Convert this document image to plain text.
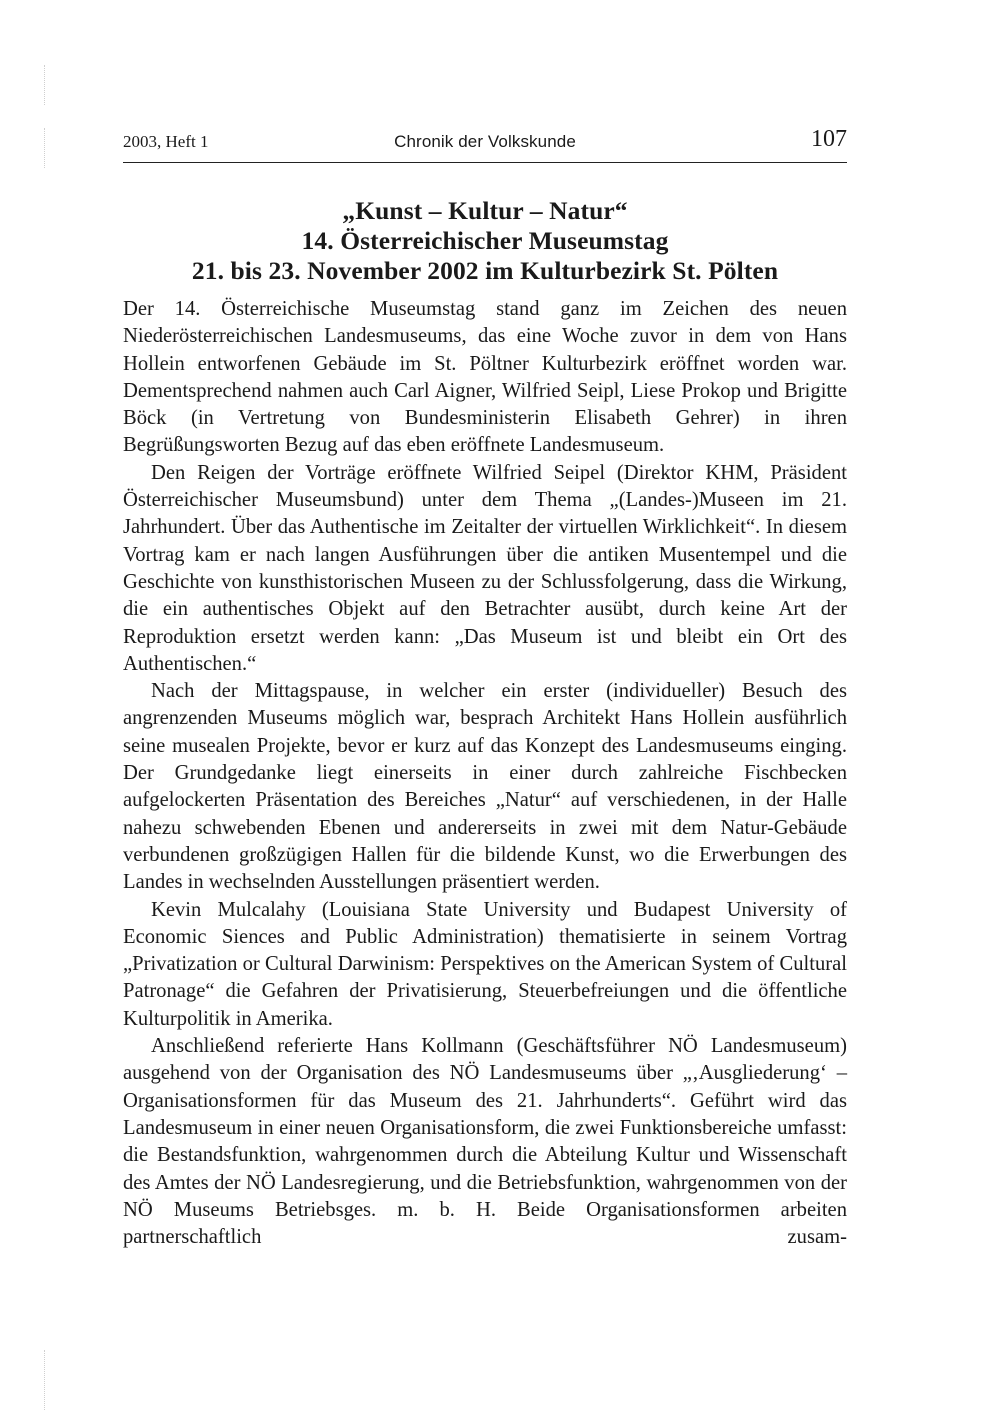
2003, Heft 1	Chronik der Volkskunde	107
„Kunst – Kultur – Natur“
14. Österreichischer Museumstag
21. bis 23. November 2002 im Kulturbezirk St. Pölten

Der 14. Österreichische Museumstag stand ganz im Zeichen des neuen Niederösterreichischen Landesmuseums, das eine Woche zuvor in dem von Hans Hollein entworfenen Gebäude im St. Pöltner Kulturbezirk eröffnet worden war. Dementsprechend nahmen auch Carl Aigner, Wilfried Seipl, Liese Prokop und Brigitte Böck (in Vertretung von Bundesministerin Elisabeth Gehrer) in ihren Begrüßungsworten Bezug auf das eben eröffnete Landesmuseum.

Den Reigen der Vorträge eröffnete Wilfried Seipel (Direktor KHM, Präsident Österreichischer Museumsbund) unter dem Thema „(Landes-)Museen im 21. Jahrhundert. Über das Authentische im Zeitalter der virtuellen Wirklichkeit“. In diesem Vortrag kam er nach langen Ausführungen über die antiken Musentempel und die Geschichte von kunsthistorischen Museen zu der Schlussfolgerung, dass die Wirkung, die ein authentisches Objekt auf den Betrachter ausübt, durch keine Art der Reproduktion ersetzt werden kann: „Das Museum ist und bleibt ein Ort des Authentischen.“

Nach der Mittagspause, in welcher ein erster (individueller) Besuch des angrenzenden Museums möglich war, besprach Architekt Hans Hollein ausführlich seine musealen Projekte, bevor er kurz auf das Konzept des Landesmuseums einging. Der Grundgedanke liegt einerseits in einer durch zahlreiche Fischbecken aufgelockerten Präsentation des Bereiches „Natur“ auf verschiedenen, in der Halle nahezu schwebenden Ebenen und andererseits in zwei mit dem Natur-Gebäude verbundenen großzügigen Hallen für die bildende Kunst, wo die Erwerbungen des Landes in wechselnden Ausstellungen präsentiert werden.

Kevin Mulcalahy (Louisiana State University und Budapest University of Economic Siences and Public Administration) thematisierte in seinem Vortrag „Privatization or Cultural Darwinism: Perspektives on the American System of Cultural Patronage“ die Gefahren der Privatisierung, Steuerbefreiungen und die öffentliche Kulturpolitik in Amerika.

Anschließend referierte Hans Kollmann (Geschäftsführer NÖ Landesmuseum) ausgehend von der Organisation des NÖ Landesmuseums über „‚Ausgliederung‘ – Organisationsformen für das Museum des 21. Jahrhunderts“. Geführt wird das Landesmuseum in einer neuen Organisationsform, die zwei Funktionsbereiche umfasst: die Bestandsfunktion, wahrgenommen durch die Abteilung Kultur und Wissenschaft des Amtes der NÖ Landesregierung, und die Betriebsfunktion, wahrgenommen von der NÖ Museums Betriebsges. m. b. H. Beide Organisationsformen arbeiten partnerschaftlich zusam-
